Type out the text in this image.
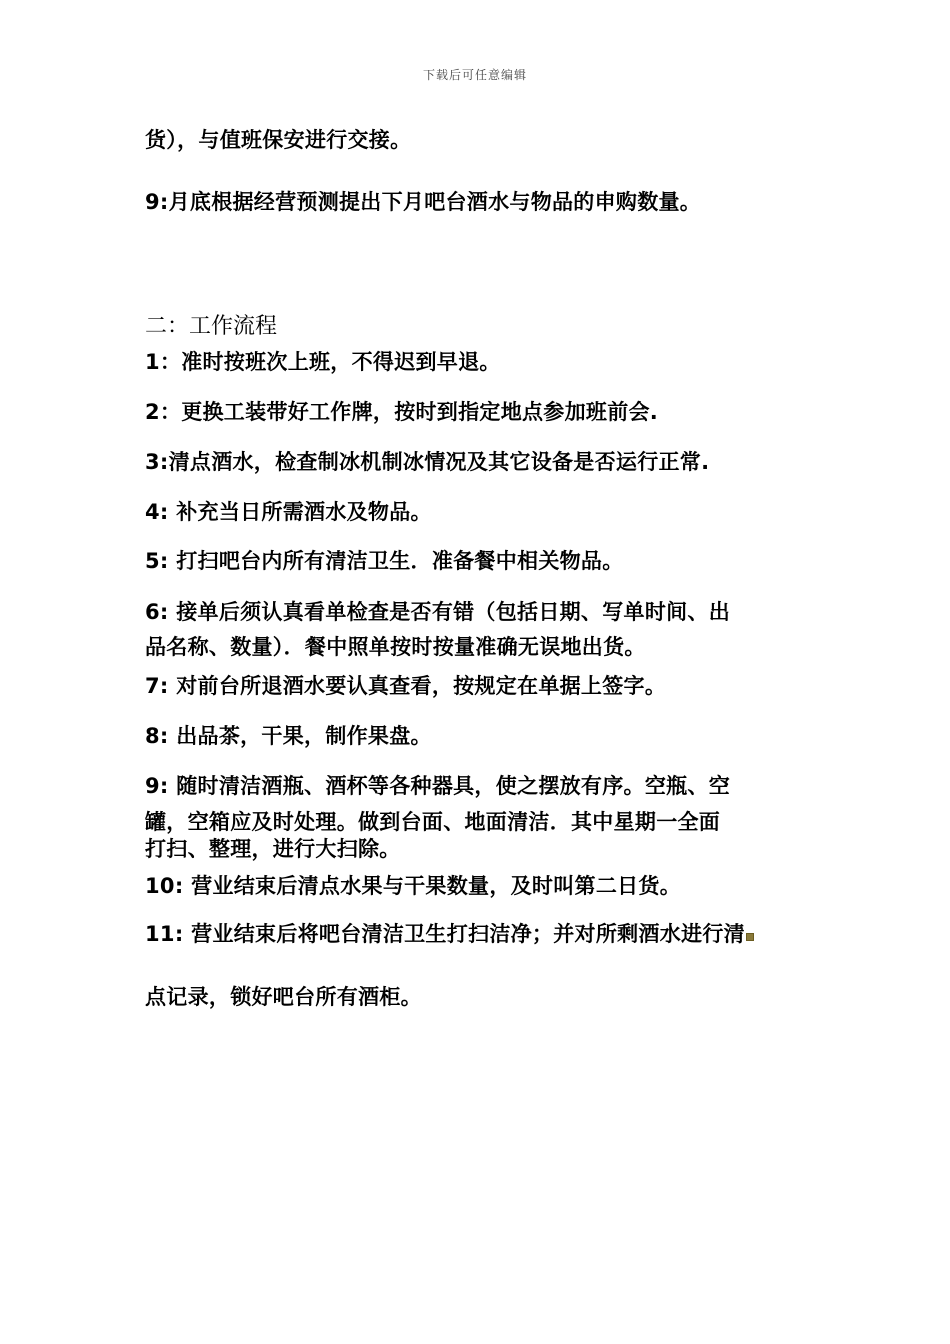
下载后可任意编辑
货），与值班保安进行交接。
9:月底根据经营预测提出下月吧台酒水与物品的申购数量。
二：工作流程
1：准时按班次上班，不得迟到早退。
2：更换工装带好工作牌，按时到指定地点参加班前会.
3:清点酒水，检查制冰机制冰情况及其它设备是否运行正常.
4: 补充当日所需酒水及物品。
5: 打扫吧台内所有清洁卫生．准备餐中相关物品。
6: 接单后须认真看单检查是否有错（包括日期、写单时间、出
品名称、数量）．餐中照单按时按量准确无误地出货。
7: 对前台所退酒水要认真查看，按规定在单据上签字。
8: 出品茶，干果，制作果盘。
9: 随时清洁酒瓶、酒杯等各种器具，使之摆放有序。空瓶、空
罐，空箱应及时处理。做到台面、地面清洁．其中星期一全面
打扫、整理，进行大扫除。
10: 营业结束后清点水果与干果数量，及时叫第二日货。
11: 营业结束后将吧台清洁卫生打扫洁净；并对所剩酒水进行清
点记录，锁好吧台所有酒柜。
